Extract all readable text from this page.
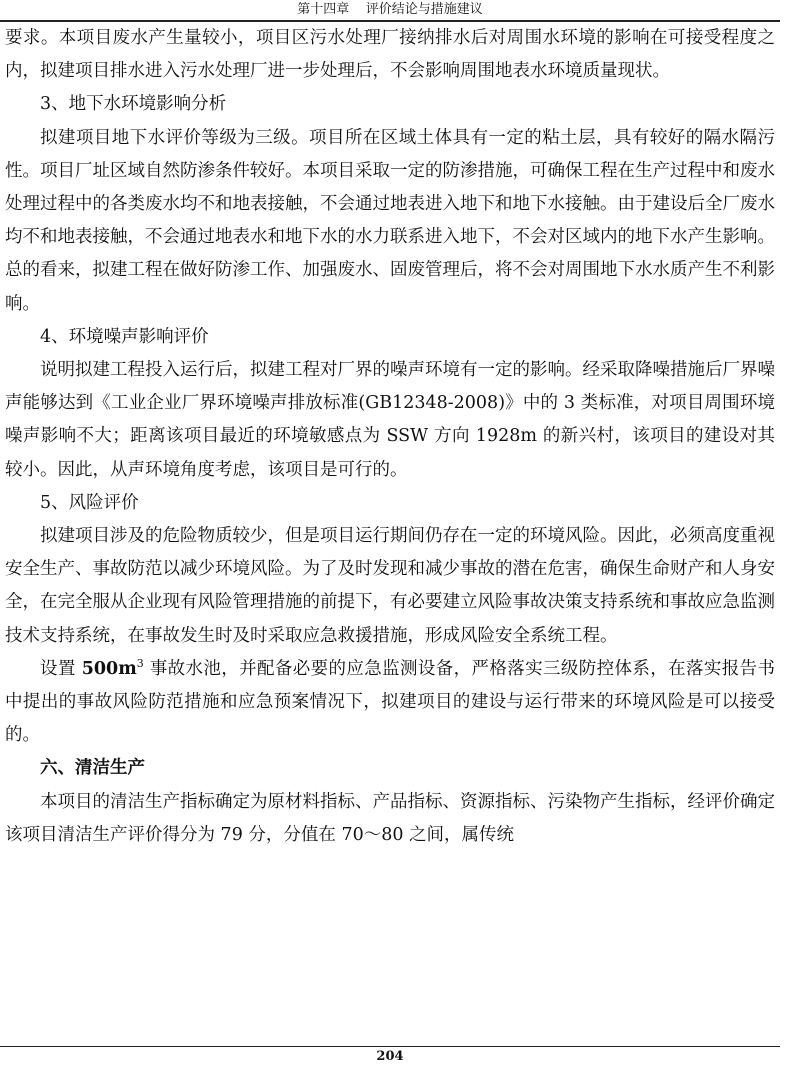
第十四章 评价结论与措施建议

要求。本项目废水产生量较小，项目区污水处理厂接纳排水后对周围水环境的影响在可接受程度之内，拟建项目排水进入污水处理厂进一步处理后，不会影响周围地表水环境质量现状。

3、地下水环境影响分析

拟建项目地下水评价等级为三级。项目所在区域土体具有一定的粘土层，具有较好的隔水隔污性。项目厂址区域自然防渗条件较好。本项目采取一定的防渗措施，可确保工程在生产过程中和废水处理过程中的各类废水均不和地表接触，不会通过地表进入地下和地下水接触。由于建设后全厂废水均不和地表接触，不会通过地表水和地下水的水力联系进入地下，不会对区域内的地下水产生影响。总的看来，拟建工程在做好防渗工作、加强废水、固废管理后，将不会对周围地下水水质产生不利影响。

4、环境噪声影响评价

说明拟建工程投入运行后，拟建工程对厂界的噪声环境有一定的影响。经采取降噪措施后厂界噪声能够达到《工业企业厂界环境噪声排放标准(GB12348-2008)》中的 3 类标准，对项目周围环境噪声影响不大；距离该项目最近的环境敏感点为 SSW 方向 1928m 的新兴村，该项目的建设对其较小。因此，从声环境角度考虑，该项目是可行的。

5、风险评价

拟建项目涉及的危险物质较少，但是项目运行期间仍存在一定的环境风险。因此，必须高度重视安全生产、事故防范以减少环境风险。为了及时发现和减少事故的潜在危害，确保生命财产和人身安全，在完全服从企业现有风险管理措施的前提下，有必要建立风险事故决策支持系统和事故应急监测技术支持系统，在事故发生时及时采取应急救援措施，形成风险安全系统工程。

设置 $500m^3$ 事故水池，并配备必要的应急监测设备，严格落实三级防控体系，在落实报告书中提出的事故风险防范措施和应急预案情况下，拟建项目的建设与运行带来的环境风险是可以接受的。

六、清洁生产

本项目的清洁生产指标确定为原材料指标、产品指标、资源指标、污染物产生指标，经评价确定该项目清洁生产评价得分为 79 分，分值在 70～80 之间，属传统

204
